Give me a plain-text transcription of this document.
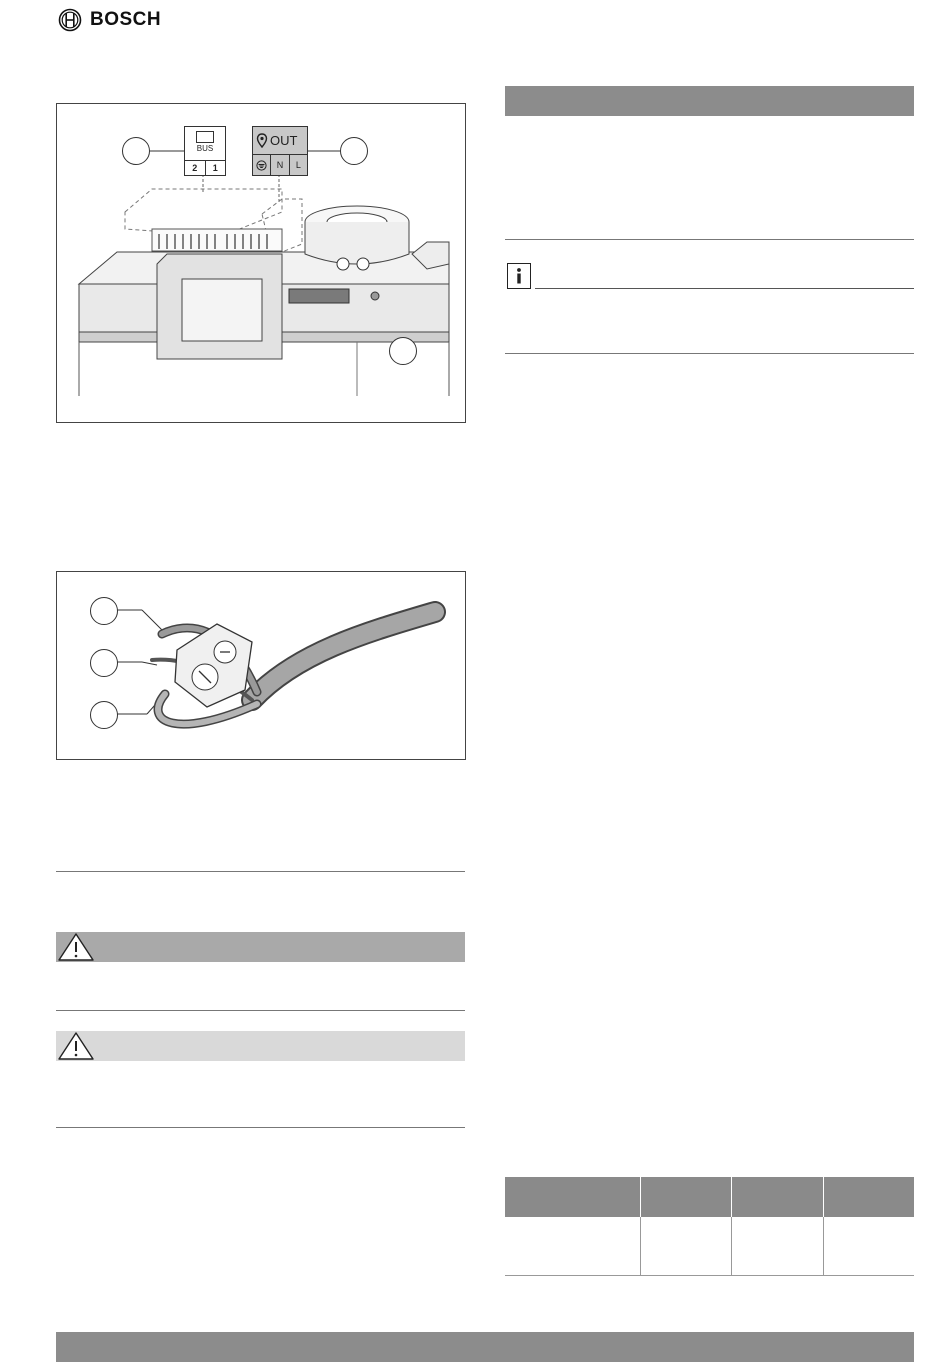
BOSCH
BUS
2	1
OUT
N	L
